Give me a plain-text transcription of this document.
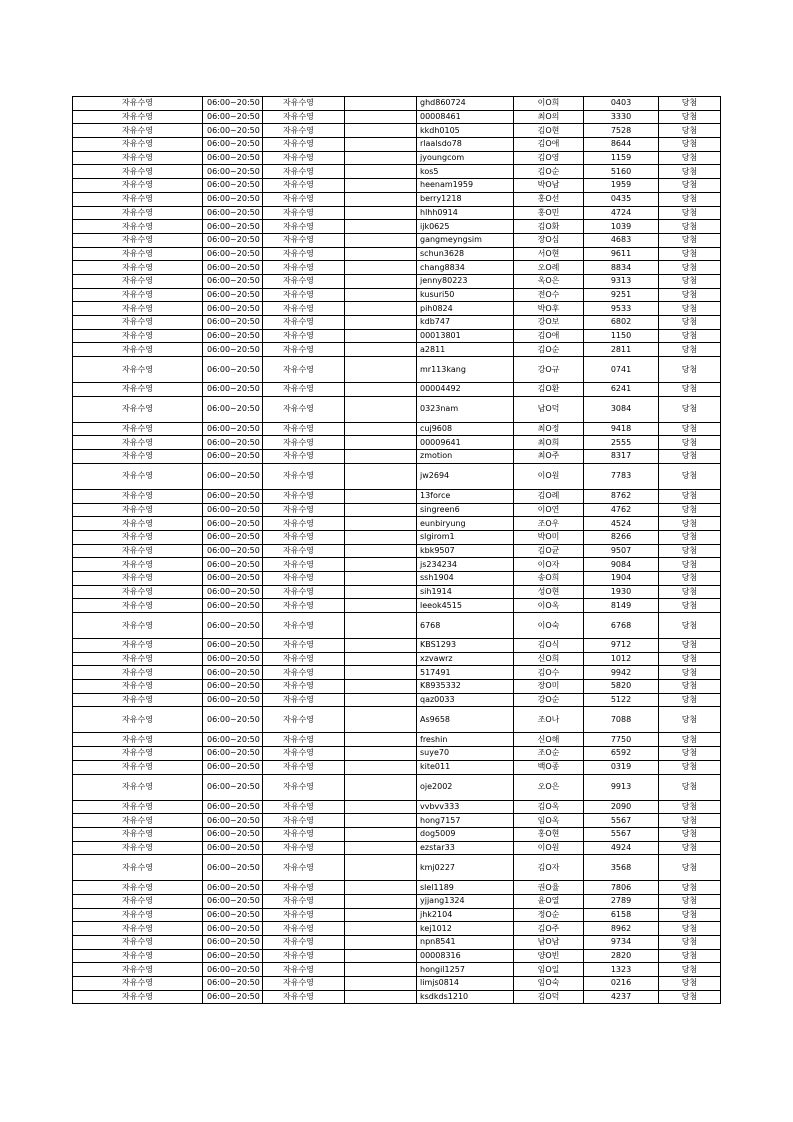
자유수영	06:00~20:50	자유수영		ghd860724	이O희	0403	당첨
자유수영	06:00~20:50	자유수영		00008461	최O의	3330	당첨
자유수영	06:00~20:50	자유수영		kkdh0105	김O현	7528	당첨
자유수영	06:00~20:50	자유수영		rlaalsdo78	김O애	8644	당첨
자유수영	06:00~20:50	자유수영		jyoungcom	김O영	1159	당첨
자유수영	06:00~20:50	자유수영		kos5	김O순	5160	당첨
자유수영	06:00~20:50	자유수영		heenam1959	박O남	1959	당첨
자유수영	06:00~20:50	자유수영		berry1218	홍O선	0435	당첨
자유수영	06:00~20:50	자유수영		hlhh0914	홍O민	4724	당첨
자유수영	06:00~20:50	자유수영		ijk0625	김O화	1039	당첨
자유수영	06:00~20:50	자유수영		gangmeyngsim	장O심	4683	당첨
자유수영	06:00~20:50	자유수영		schun3628	서O현	9611	당첨
자유수영	06:00~20:50	자유수영		chang8834	오O례	8834	당첨
자유수영	06:00~20:50	자유수영		jenny80223	옥O은	9313	당첨
자유수영	06:00~20:50	자유수영		kusuri50	전O수	9251	당첨
자유수영	06:00~20:50	자유수영		pih0824	박O후	9533	당첨
자유수영	06:00~20:50	자유수영		kdb747	강O보	6802	당첨
자유수영	06:00~20:50	자유수영		00013801	김O애	1150	당첨
자유수영	06:00~20:50	자유수영		a2811	김O순	2811	당첨
자유수영	06:00~20:50	자유수영		mr113kang	강O규	0741	당첨
자유수영	06:00~20:50	자유수영		00004492	김O환	6241	당첨
자유수영	06:00~20:50	자유수영		0323nam	남O덕	3084	당첨
자유수영	06:00~20:50	자유수영		cuj9608	최O정	9418	당첨
자유수영	06:00~20:50	자유수영		00009641	최O희	2555	당첨
자유수영	06:00~20:50	자유수영		zmotion	최O주	8317	당첨
자유수영	06:00~20:50	자유수영		jw2694	이O원	7783	당첨
자유수영	06:00~20:50	자유수영		13force	김O례	8762	당첨
자유수영	06:00~20:50	자유수영		singreen6	이O연	4762	당첨
자유수영	06:00~20:50	자유수영		eunbiryung	조O우	4524	당첨
자유수영	06:00~20:50	자유수영		slgirom1	박O미	8266	당첨
자유수영	06:00~20:50	자유수영		kbk9507	김O균	9507	당첨
자유수영	06:00~20:50	자유수영		js234234	이O자	9084	당첨
자유수영	06:00~20:50	자유수영		ssh1904	송O희	1904	당첨
자유수영	06:00~20:50	자유수영		sih1914	성O현	1930	당첨
자유수영	06:00~20:50	자유수영		leeok4515	이O옥	8149	당첨
자유수영	06:00~20:50	자유수영		6768	이O숙	6768	당첨
자유수영	06:00~20:50	자유수영		KBS1293	김O식	9712	당첨
자유수영	06:00~20:50	자유수영		xzvawrz	신O희	1012	당첨
자유수영	06:00~20:50	자유수영		517491	김O수	9942	당첨
자유수영	06:00~20:50	자유수영		K8935332	장O미	5820	당첨
자유수영	06:00~20:50	자유수영		qaz0033	강O순	5122	당첨
자유수영	06:00~20:50	자유수영		As9658	조O나	7088	당첨
자유수영	06:00~20:50	자유수영		freshin	신O해	7750	당첨
자유수영	06:00~20:50	자유수영		suye70	조O순	6592	당첨
자유수영	06:00~20:50	자유수영		kite011	백O종	0319	당첨
자유수영	06:00~20:50	자유수영		oje2002	오O은	9913	당첨
자유수영	06:00~20:50	자유수영		vvbvv333	김O옥	2090	당첨
자유수영	06:00~20:50	자유수영		hong7157	임O옥	5567	당첨
자유수영	06:00~20:50	자유수영		dog5009	홍O현	5567	당첨
자유수영	06:00~20:50	자유수영		ezstar33	이O원	4924	당첨
자유수영	06:00~20:50	자유수영		kmj0227	김O자	3568	당첨
자유수영	06:00~20:50	자유수영		slel1189	권O율	7806	당첨
자유수영	06:00~20:50	자유수영		yjjang1324	윤O열	2789	당첨
자유수영	06:00~20:50	자유수영		jhk2104	정O순	6158	당첨
자유수영	06:00~20:50	자유수영		kej1012	김O주	8962	당첨
자유수영	06:00~20:50	자유수영		npn8541	남O남	9734	당첨
자유수영	06:00~20:50	자유수영		00008316	양O빈	2820	당첨
자유수영	06:00~20:50	자유수영		hongil1257	임O일	1323	당첨
자유수영	06:00~20:50	자유수영		limjs0814	임O숙	0216	당첨
자유수영	06:00~20:50	자유수영		ksdkds1210	김O덕	4237	당첨
